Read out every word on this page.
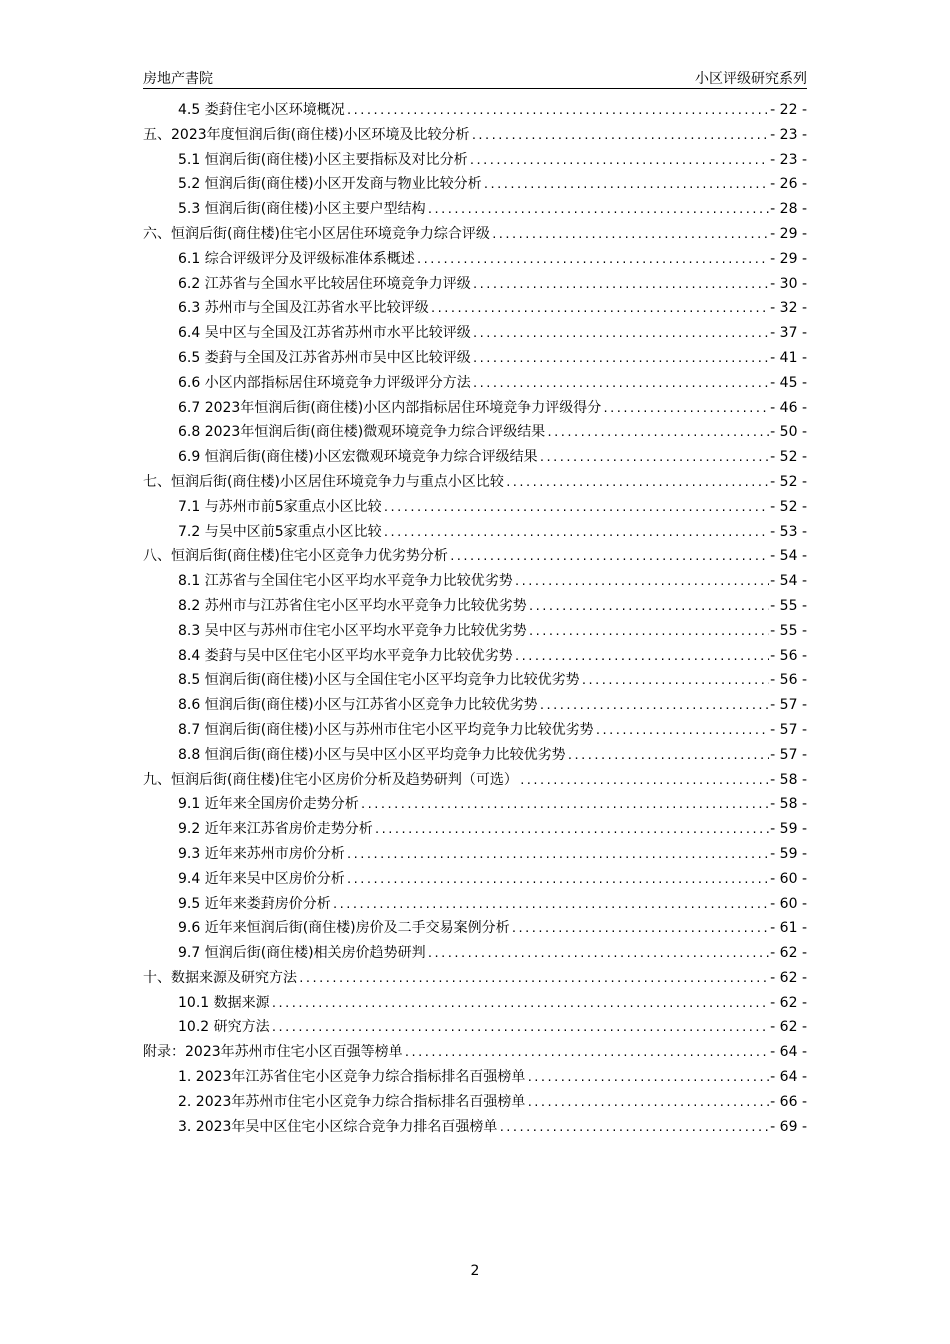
房地产書院	小区评级研究系列
4.5 娄葑住宅小区环境概况 .....	- 22 -
五、2023年度恒润后街(商住楼)小区环境及比较分析 .....	- 23 -
5.1 恒润后街(商住楼)小区主要指标及对比分析 .....	- 23 -
5.2 恒润后街(商住楼)小区开发商与物业比较分析 .....	- 26 -
5.3 恒润后街(商住楼)小区主要户型结构 .....	- 28 -
六、恒润后街(商住楼)住宅小区居住环境竞争力综合评级 .....	- 29 -
6.1 综合评级评分及评级标准体系概述 .....	- 29 -
6.2 江苏省与全国水平比较居住环境竞争力评级 .....	- 30 -
6.3 苏州市与全国及江苏省水平比较评级 .....	- 32 -
6.4 吴中区与全国及江苏省苏州市水平比较评级 .....	- 37 -
6.5 娄葑与全国及江苏省苏州市吴中区比较评级 .....	- 41 -
6.6 小区内部指标居住环境竞争力评级评分方法 .....	- 45 -
6.7 2023年恒润后街(商住楼)小区内部指标居住环境竞争力评级得分 .....	- 46 -
6.8 2023年恒润后街(商住楼)微观环境竞争力综合评级结果 .....	- 50 -
6.9 恒润后街(商住楼)小区宏微观环境竞争力综合评级结果 .....	- 52 -
七、恒润后街(商住楼)小区居住环境竞争力与重点小区比较 .....	- 52 -
7.1 与苏州市前5家重点小区比较 .....	- 52 -
7.2 与吴中区前5家重点小区比较 .....	- 53 -
八、恒润后街(商住楼)住宅小区竞争力优劣势分析 .....	- 54 -
8.1 江苏省与全国住宅小区平均水平竞争力比较优劣势 .....	- 54 -
8.2 苏州市与江苏省住宅小区平均水平竞争力比较优劣势 .....	- 55 -
8.3 吴中区与苏州市住宅小区平均水平竞争力比较优劣势 .....	- 55 -
8.4 娄葑与吴中区住宅小区平均水平竞争力比较优劣势 .....	- 56 -
8.5 恒润后街(商住楼)小区与全国住宅小区平均竞争力比较优劣势 .....	- 56 -
8.6 恒润后街(商住楼)小区与江苏省小区竞争力比较优劣势 .....	- 57 -
8.7 恒润后街(商住楼)小区与苏州市住宅小区平均竞争力比较优劣势 .....	- 57 -
8.8 恒润后街(商住楼)小区与吴中区小区平均竞争力比较优劣势 .....	- 57 -
九、恒润后街(商住楼)住宅小区房价分析及趋势研判（可选） .....	- 58 -
9.1 近年来全国房价走势分析 .....	- 58 -
9.2 近年来江苏省房价走势分析 .....	- 59 -
9.3 近年来苏州市房价分析 .....	- 59 -
9.4 近年来吴中区房价分析 .....	- 60 -
9.5 近年来娄葑房价分析 .....	- 60 -
9.6 近年来恒润后街(商住楼)房价及二手交易案例分析 .....	- 61 -
9.7 恒润后街(商住楼)相关房价趋势研判 .....	- 62 -
十、数据来源及研究方法 .....	- 62 -
10.1 数据来源 .....	- 62 -
10.2 研究方法 .....	- 62 -
附录：2023年苏州市住宅小区百强等榜单 .....	- 64 -
1. 2023年江苏省住宅小区竞争力综合指标排名百强榜单 .....	- 64 -
2. 2023年苏州市住宅小区竞争力综合指标排名百强榜单 .....	- 66 -
3. 2023年吴中区住宅小区综合竞争力排名百强榜单 .....	- 69 -
2
